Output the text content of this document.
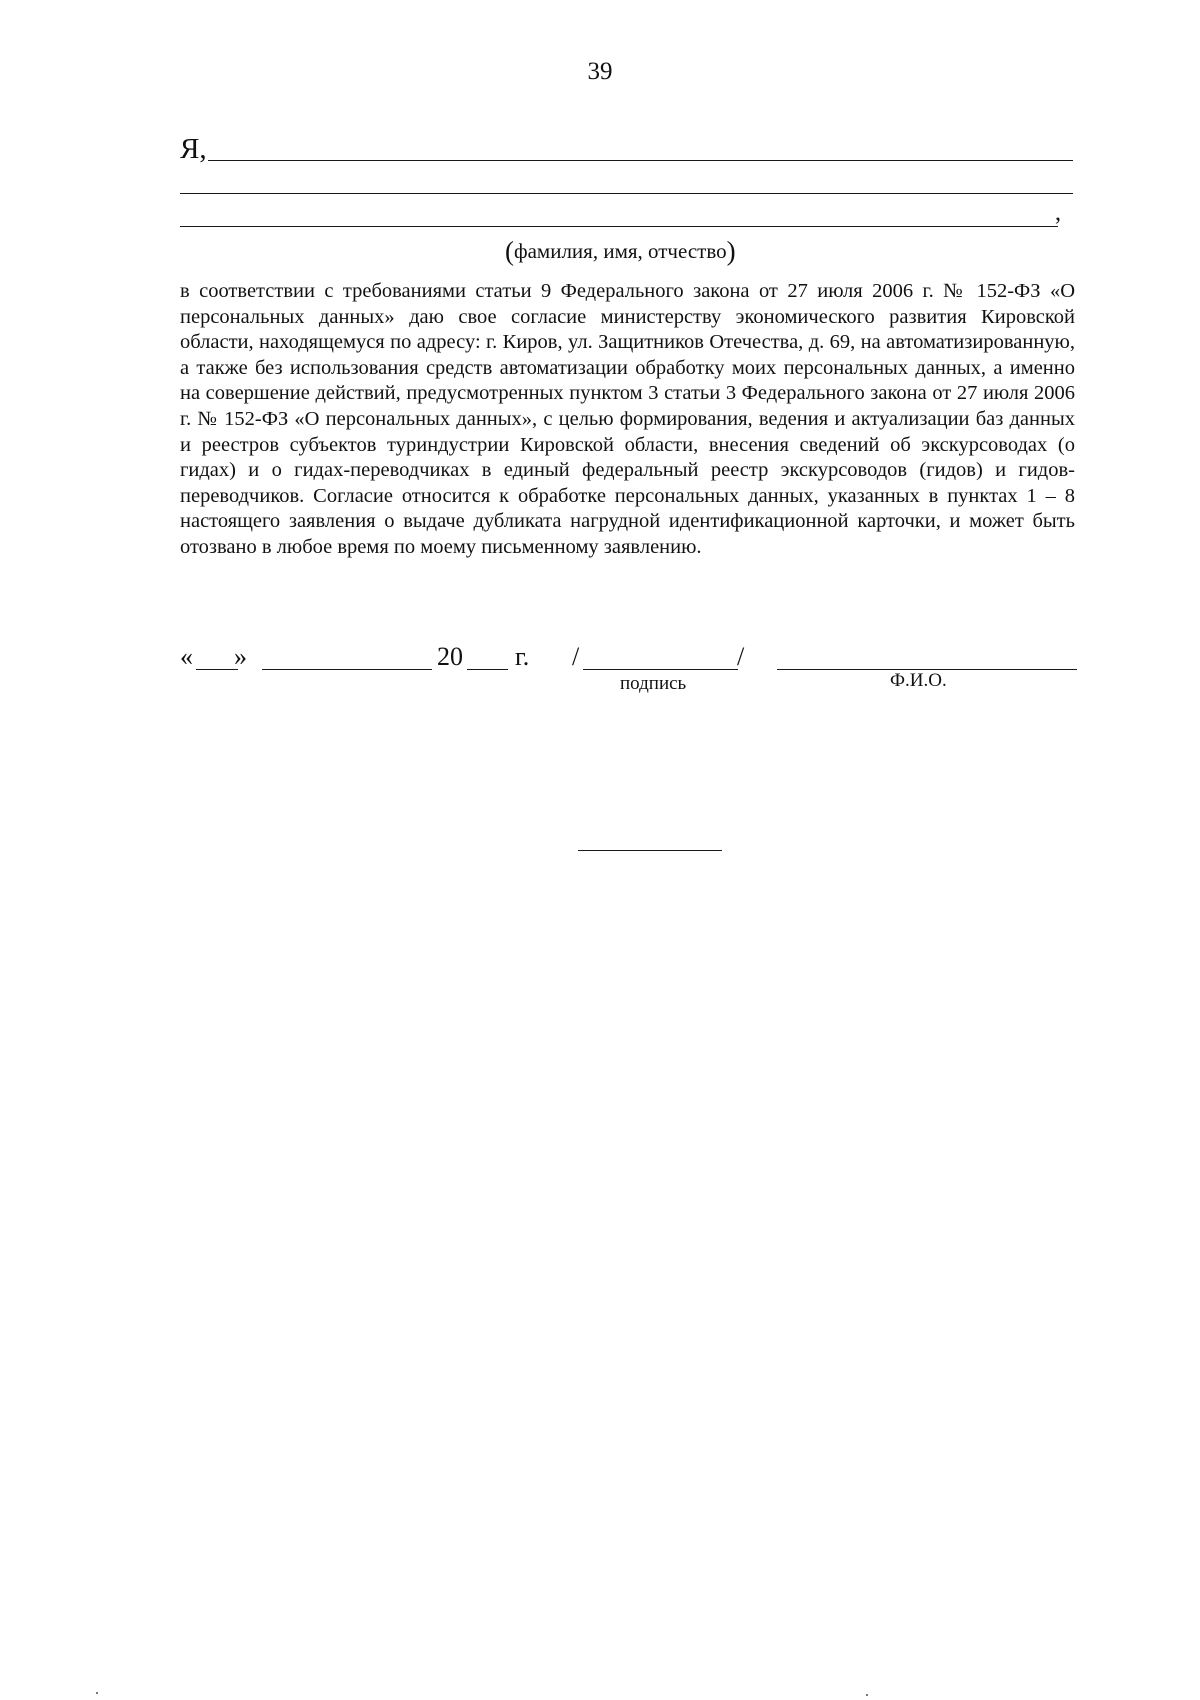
39
Я,
,
(фамилия, имя, отчество)

в соответствии с требованиями статьи 9 Федерального закона от 27 июля 2006 г. № 152-ФЗ «О персональных данных» даю свое согласие министерству экономического развития Кировской области, находящемуся по адресу: г. Киров, ул. Защитников Отечества, д. 69, на автоматизированную, а также без использования средств автоматизации обработку моих персональных данных, а именно на совершение действий, предусмотренных пунктом 3 статьи 3 Федерального закона от 27 июля 2006 г. № 152-ФЗ «О персональных данных», с целью формирования, ведения и актуализации баз данных и реестров субъектов туриндустрии Кировской области, внесения сведений об экскурсоводах (о гидах) и о гидах-переводчиках в единый федеральный реестр экскурсоводов (гидов) и гидов-переводчиков. Согласие относится к обработке персональных данных, указанных в пунктах 1 – 8 настоящего заявления о выдаче дубликата нагрудной идентификационной карточки, и может быть отозвано в любое время по моему письменному заявлению.

« »	20 г. /	/
подпись	Ф.И.О.
